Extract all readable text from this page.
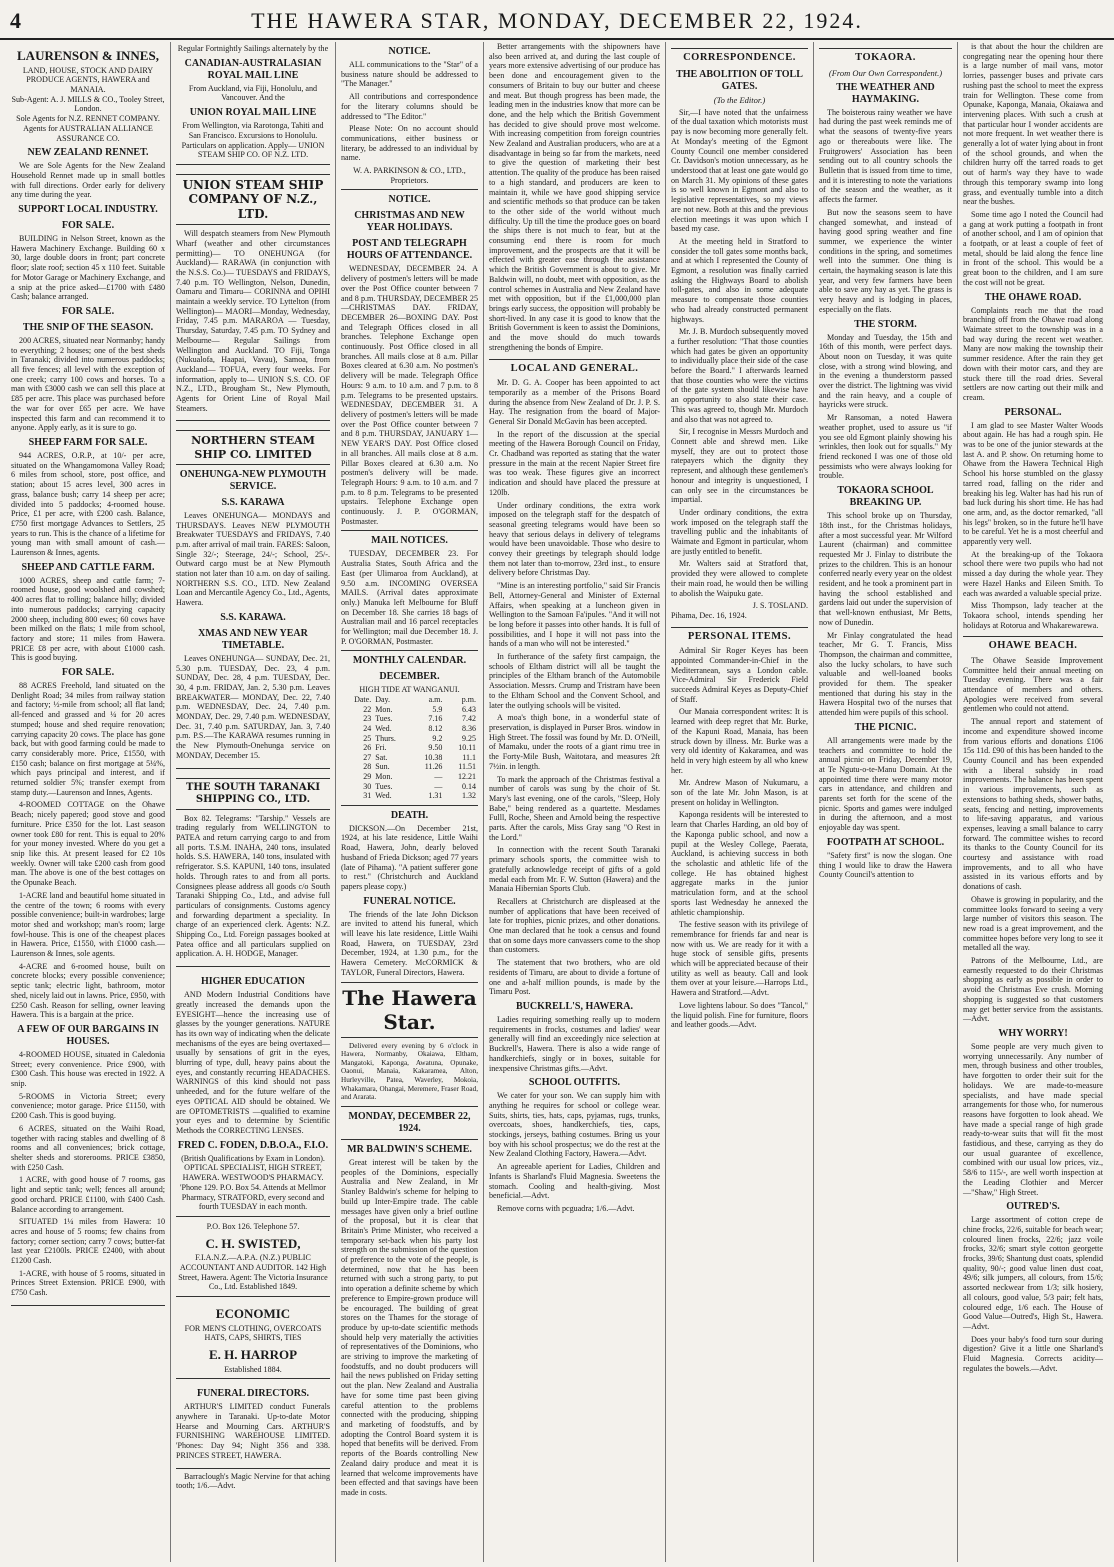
4	THE HAWERA STAR, MONDAY, DECEMBER 22, 1924.
LAURENSON & INNES,
LAND, HOUSE, STOCK AND DAIRY PRODUCE AGENTS, HAWERA and MANAIA.
Sub-Agent: A. J. MILLS & CO., Tooley Street, London.
Sole Agents for N.Z. RENNET COMPANY. Agents for AUSTRALIAN ALLIANCE ASSURANCE CO.
NEW ZEALAND RENNET.

We are Sole Agents for the New Zealand Household Rennet made up in small bottles with full directions. Order early for delivery any time during the year.

SUPPORT LOCAL INDUSTRY.
FOR SALE.

BUILDING in Nelson Street, known as the Hawera Machinery Exchange. Building 60 x 30, large double doors in front; part concrete floor; slate roof; section 45 x 110 feet. Suitable for Motor Garage or Machinery Exchange, and a snip at the price asked—£1700 with £480 Cash; balance arranged.

FOR SALE.
THE SNIP OF THE SEASON.

200 ACRES, situated near Normanby; handy to everything; 2 houses; one of the best sheds in Taranaki; divided into numerous paddocks; all five fences; all level with the exception of one creek; carry 100 cows and horses. To a man with £3000 cash we can sell this place at £85 per acre. This place was purchased before the war for over £65 per acre. We have inspected this farm and can recommend it to anyone. Apply early, as it is sure to go.

SHEEP FARM FOR SALE.

944 ACRES, O.R.P., at 10/- per acre, situated on the Whangamomona Valley Road; 6 miles from school, store, post office, and station; about 15 acres level, 300 acres in grass, balance bush; carry 14 sheep per acre; divided into 5 paddocks; 4-roomed house. Price, £1 per acre, with £200 cash. Balance, £750 first mortgage Advances to Settlers, 25 years to run. This is the chance of a lifetime for young man with small amount of cash.—Laurenson & Innes, agents.

SHEEP AND CATTLE FARM.

1000 ACRES, sheep and cattle farm; 7-roomed house, good woolshed and cowshed; 400 acres flat to rolling; balance hilly; divided into numerous paddocks; carrying capacity 2000 sheep, including 800 ewes; 60 cows have been milked on the flats; 1 mile from school, factory and store; 11 miles from Hawera. PRICE £8 per acre, with about £1000 cash. This is good buying.

FOR SALE.

88 ACRES Freehold, land situated on the Denlight Road; 34 miles from railway station and factory; ½-mile from school; all flat land; all-fenced and grassed and ¼ for 20 acres stumped; house and shed require renovation; carrying capacity 20 cows. The place has gone back, but with good farming could be made to carry considerably more. Price, £1550, with £150 cash; balance on first mortgage at 5¼%, which pays principal and interest, and if returned soldier 5%; transfer exempt from stamp duty.—Laurenson and Innes, Agents.

4-ROOMED COTTAGE on the Ohawe Beach; nicely papered; good stove and good furniture. Price £350 for the lot. Last season owner took £80 for rent. This is equal to 20% for your money invested. Where do you get a snip like this. At present leased for £2 10s weekly. Owner will take £200 cash from good man. The above is one of the best cottages on the Opunake Beach.

1-ACRE land and beautiful home situated in the centre of the town; 6 rooms with every possible convenience; built-in wardrobes; large motor shed and workshop; man's room; large fowl-house. This is one of the cheapest places in Hawera. Price, £1550, with £1000 cash.—Laurenson & Innes, sole agents.

4-ACRE and 6-roomed house, built on concrete blocks; every possible convenience; septic tank; electric light, bathroom, motor shed, nicely laid out in lawns. Price, £950, with £250 Cash. Reason for selling, owner leaving Hawera. This is a bargain at the price.

A FEW OF OUR BARGAINS IN HOUSES.

4-ROOMED HOUSE, situated in Caledonia Street; every convenience. Price £900, with £300 Cash. This house was erected in 1922. A snip.

5-ROOMS in Victoria Street; every convenience; motor garage. Price £1150, with £200 Cash. This is good buying.

6 ACRES, situated on the Waihi Road, together with racing stables and dwelling of 8 rooms and all conveniences; brick cottage, shelter sheds and storerooms. PRICE £3850, with £250 Cash.

1 ACRE, with good house of 7 rooms, gas light and septic tank; well; fences all around; good orchard. PRICE £1100, with £400 Cash. Balance according to arrangement.

SITUATED 1¼ miles from Hawera: 10 acres and house of 5 rooms; few chains from factory; corner section; carry 7 cows; butter-fat last year £2100ls. PRICE £2400, with about £1200 Cash.

1-ACRE, with house of 5 rooms, situated in Princes Street Extension. PRICE £900, with £750 Cash.

Regular Fortnightly Sailings alternately by the
CANADIAN-AUSTRALASIAN ROYAL MAIL LINE
From Auckland, via Fiji, Honolulu, and Vancouver. And the
UNION ROYAL MAIL LINE
From Wellington, via Rarotonga, Tahiti and San Francisco. Excursions to Honolulu. Particulars on application. Apply— UNION STEAM SHIP CO. OF N.Z. LTD.
UNION STEAM SHIP COMPANY OF N.Z., LTD.

Will despatch steamers from New Plymouth Wharf (weather and other circumstances permitting)— TO ONEHUNGA (for Auckland)— RARAWA (in conjunction with the N.S.S. Co.)— TUESDAYS and FRIDAYS, 7.40 p.m. TO Wellington, Nelson, Dunedin, Oamaru and Timaru— CORINNA and OPIHI maintain a weekly service. TO Lyttelton (from Wellington)— MAORI—Monday, Wednesday, Friday, 7.45 p.m. MARAROA — Tuesday, Thursday, Saturday, 7.45 p.m. TO Sydney and Melbourne— Regular Sailings from Wellington and Auckland. TO Fiji, Tonga (Nukualofa, Haapai, Vavau), Samoa, from Auckland— TOFUA, every four weeks. For information, apply to— UNION S.S. CO. OF N.Z., LTD., Brougham St., New Plymouth, Agents for Orient Line of Royal Mail Steamers.

NORTHERN STEAM SHIP CO. LIMITED
ONEHUNGA-NEW PLYMOUTH SERVICE.
S.S. KARAWA

Leaves ONEHUNGA— MONDAYS and THURSDAYS. Leaves NEW PLYMOUTH Breakwater TUESDAYS and FRIDAYS, 7.40 p.m. after arrival of mail train. FARES: Saloon, Single 32/-; Steerage, 24/-; School, 25/-. Outward cargo must be at New Plymouth station not later than 10 a.m. on day of sailing. NORTHERN S.S. CO., LTD. New Zealand Loan and Mercantile Agency Co., Ltd., Agents, Hawera.

S.S. KARAWA.
XMAS AND NEW YEAR TIMETABLE.

Leaves ONEHUNGA— SUNDAY, Dec. 21, 5.30 p.m. TUESDAY, Dec. 23, 4 p.m. SUNDAY, Dec. 28, 4 p.m. TUESDAY, Dec. 30, 4 p.m. FRIDAY, Jan. 2, 5.30 p.m. Leaves BREAKWATER— MONDAY, Dec. 22, 7.40 p.m. WEDNESDAY, Dec. 24, 7.40 p.m. MONDAY, Dec. 29, 7.40 p.m. WEDNESDAY, Dec. 31, 7.40 p.m. SATURDAY, Jan. 3, 7.40 p.m. P.S.—The KARAWA resumes running in the New Plymouth-Onehunga service on MONDAY, December 15.

THE SOUTH TARANAKI SHIPPING CO., LTD.

Box 82. Telegrams: "Tarship." Vessels are trading regularly from WELLINGTON to PATEA and return carrying cargo to and from all ports. T.S.M. INAHA, 240 tons, insulated holds. S.S. HAWERA, 140 tons, insulated with refrigerator. S.S. KAPUNI, 140 tons, insulated holds. Through rates to and from all ports. Consignees please address all goods c/o South Taranaki Shipping Co., Ltd., and advise full particulars of consignments. Customs agency and forwarding department a speciality. In charge of an experienced clerk. Agents: N.Z. Shipping Co., Ltd. Foreign passages booked at Patea office and all particulars supplied on application. A. H. HODGE, Manager.

HIGHER EDUCATION

AND Modern Industrial Conditions have greatly increased the demands upon the EYESIGHT—hence the increasing use of glasses by the younger generations. NATURE has its own way of indicating when the delicate mechanisms of the eyes are being overtaxed—usually by sensations of grit in the eyes, blurring of type, dull, heavy pains about the eyes, and constantly recurring HEADACHES. WARNINGS of this kind should not pass unheeded, and for the future welfare of the eyes OPTICAL AID should be obtained. We are OPTOMETRISTS —qualified to examine your eyes and to determine by Scientific Methods the CORRECTING LENSES.

FRED C. FODEN, D.B.O.A., F.I.O.
(British Qualifications by Exam in London). OPTICAL SPECIALIST, HIGH STREET, HAWERA. WESTWOOD'S PHARMACY. 'Phone 129. P.O. Box 54. Attends at Mellmor Pharmacy, STRATFORD, every second and fourth TUESDAY in each month.
P.O. Box 126. Telephone 57.
C. H. SWISTED,
F.I.A.N.Z.—A.P.A. (N.Z.) PUBLIC ACCOUNTANT AND AUDITOR. 142 High Street, Hawera. Agent: The Victoria Insurance Co., Ltd. Established 1849.
ECONOMIC
FOR MEN'S CLOTHING, OVERCOATS HATS, CAPS, SHIRTS, TIES
E. H. HARROP
Established 1884.
FUNERAL DIRECTORS.

ARTHUR'S LIMITED conduct Funerals anywhere in Taranaki. Up-to-date Motor Hearse and Mourning Cars. ARTHUR'S FURNISHING WAREHOUSE LIMITED. 'Phones: Day 94; Night 356 and 338. PRINCES STREET, HAWERA.

Barraclough's Magic Nervine for that aching tooth; 1/6.—Advt.

NOTICE.

ALL communications to the "Star" of a business nature should be addressed to "The Manager."

All contributions and correspondence for the literary columns should be addressed to "The Editor."

Please Note: On no account should communications, either business or literary, be addressed to an individual by name.

W. A. PARKINSON & CO., LTD., Proprietors.
NOTICE.
CHRISTMAS AND NEW YEAR HOLIDAYS.
POST AND TELEGRAPH HOURS OF ATTENDANCE.

WEDNESDAY, DECEMBER 24. A delivery of postmen's letters will be made over the Post Office counter between 7 and 8 p.m. THURSDAY, DECEMBER 25—CHRISTMAS DAY. FRIDAY, DECEMBER 26—BOXING DAY. Post and Telegraph Offices closed in all branches. Telephone Exchange open continuously. Post Office closed in all branches. All mails close at 8 a.m. Pillar Boxes cleared at 6.30 a.m. No postmen's delivery will be made. Telegraph Office Hours: 9 a.m. to 10 a.m. and 7 p.m. to 8 p.m. Telegrams to be presented upstairs. WEDNESDAY, DECEMBER 31. A delivery of postmen's letters will be made over the Post Office counter between 7 and 8 p.m. THURSDAY, JANUARY 1—NEW YEAR'S DAY. Post Office closed in all branches. All mails close at 8 a.m. Pillar Boxes cleared at 6.30 a.m. No postmen's delivery will be made. Telegraph Hours: 9 a.m. to 10 a.m. and 7 p.m. to 8 p.m. Telegrams to be presented upstairs. Telephone Exchange open continuously. J. P. O'GORMAN, Postmaster.

MAIL NOTICES.

TUESDAY, DECEMBER 23. For Australia States, South Africa and the East (per Ulimaroa from Auckland), at 9.50 a.m. INCOMING OVERSEA MAILS. (Arrival dates approximate only.) Manuka left Melbourne for Bluff on December 18. She carries 18 bags of Australian mail and 16 parcel receptacles for Wellington; mail due December 18. J. P. O'GORMAN, Postmaster.

MONTHLY CALENDAR.
DECEMBER.
HIGH TIDE AT WANGANUI.
Date.	Day.	a.m.	p.m.
22	Mon.	5.9	6.43
23	Tues.	7.16	7.42
24	Wed.	8.12	8.36
25	Thurs.	9.2	9.25
26	Fri.	9.50	10.11
27	Sat.	10.38	11.1
28	Sun.	11.26	11.51
29	Mon.	—	12.21
30	Tues.	—	0.14
31	Wed.	1.31	1.32
DEATH.

DICKSON.—On December 21st, 1924, at his late residence, Little Waihi Road, Hawera, John, dearly beloved husband of Frieda Dickson; aged 77 years (late of Pihama). "A patient sufferer gone to rest." (Christchurch and Auckland papers please copy.)

FUNERAL NOTICE.

The friends of the late John Dickson are invited to attend his funeral, which will leave his late residence, Little Waihi Road, Hawera, on TUESDAY, 23rd December, 1924, at 1.30 p.m., for the Hawera Cemetery. McCORMICK & TAYLOR, Funeral Directors, Hawera.

The Hawera Star.

Delivered every evening by 6 o'clock in Hawera, Normanby, Okaiawa, Eltham, Mangatoki, Kaponga, Awatuna, Opunake, Oaonui, Manaia, Kakaramea, Alton, Hurleyville, Patea, Waverley, Mokoia, Whakamara, Ohangai, Meremere, Fraser Road, and Ararata.

MONDAY, DECEMBER 22, 1924.
MR BALDWIN'S SCHEME.

Great interest will be taken by the peoples of the Dominions, especially Australia and New Zealand, in Mr Stanley Baldwin's scheme for helping to build up Inter-Empire trade. The cable messages have given only a brief outline of the proposal, but it is clear that Britain's Prime Minister, who received a temporary set-back when his party lost strength on the submission of the question of preference to the vote of the people, is determined, now that he has been returned with such a strong party, to put into operation a definite scheme by which preference to Empire-grown produce will be encouraged. The building of great stores on the Thames for the storage of produce by up-to-date scientific methods should help very materially the activities of representatives of the Dominions, who are striving to improve the marketing of foodstuffs, and no doubt producers will hail the news published on Friday setting out the plan. New Zealand and Australia have for some time past been giving careful attention to the problems connected with the producing, shipping and marketing of foodstuffs, and by adopting the Control Board system it is hoped that benefits will be derived. From reports of the Boards controlling New Zealand dairy produce and meat it is learned that welcome improvements have been effected and that savings have been made in costs.

Better arrangements with the shipowners have also been arrived at, and during the last couple of years more extensive advertising of our produce has been done and encouragement given to the consumers of Britain to buy our butter and cheese and meat. But though progress has been made, the leading men in the industries know that more can be done, and the help which the British Government has decided to give should prove most welcome. With increasing competition from foreign countries New Zealand and Australian producers, who are at a disadvantage in being so far from the markets, need to give the question of marketing their best attention. The quality of the produce has been raised to a high standard, and producers are keen to maintain it, while we have good shipping service and scientific methods so that produce can be taken to the other side of the world without much difficulty. Up till the time the produce goes on board the ships there is not much to fear, but at the consuming end there is room for much improvement, and the prospects are that it will be effected with greater ease through the assistance which the British Government is about to give. Mr Baldwin will, no doubt, meet with opposition, as the control schemes in Australia and New Zealand have met with opposition, but if the £1,000,000 plan brings early success, the opposition will probably be short-lived. In any case it is good to know that the British Government is keen to assist the Dominions, and the move should do much towards strengthening the bonds of Empire.

LOCAL AND GENERAL.

Mr. D. G. A. Cooper has been appointed to act temporarily as a member of the Prisons Board during the absence from New Zealand of Dr. J. P. S. Hay. The resignation from the board of Major-General Sir Donald McGavin has been accepted.

In the report of the discussion at the special meeting of the Hawera Borough Council on Friday, Cr. Chadband was reported as stating that the water pressure in the main at the recent Napier Street fire was too weak. These figures give an incorrect indication and should have placed the pressure at 120lb.

Under ordinary conditions, the extra work imposed on the telegraph staff for the despatch of seasonal greeting telegrams would have been so heavy that serious delays in delivery of telegrams would have been unavoidable. Those who desire to convey their greetings by telegraph should lodge them not later than to-morrow, 23rd inst., to ensure delivery before Christmas Day.

"Mine is an interesting portfolio," said Sir Francis Bell, Attorney-General and Minister of External Affairs, when speaking at a luncheon given in Wellington to the Samoan Fa'ipules. "And it will not be long before it passes into other hands. It is full of possibilities, and I hope it will not pass into the hands of a man who will not be interested."

In furtherance of the safety first campaign, the schools of Eltham district will all be taught the principles of the Eltham branch of the Automobile Association. Messrs. Crump and Tristram have been to the Eltham School and the Convent School, and later the outlying schools will be visited.

A moa's thigh bone, in a wonderful state of preservation, is displayed in Purser Bros. window in High Street. The fossil was found by Mr. D. O'Neill, of Mamaku, under the roots of a giant rimu tree in the Forty-Mile Bush, Waitotara, and measures 2ft 7½in. in length.

To mark the approach of the Christmas festival a number of carols was sung by the choir of St. Mary's last evening, one of the carols, "Sleep, Holy Babe," being rendered as a quartette. Mesdames Fulll, Roche, Sheen and Arnold being the respective parts. After the carols, Miss Gray sang "O Rest in the Lord."

In connection with the recent South Taranaki primary schools sports, the committee wish to gratefully acknowledge receipt of gifts of a gold medal each from Mr. F. W. Sutton (Hawera) and the Manaia Hibernian Sports Club.

Recallers at Christchurch are displeased at the number of applications that have been received of late for trophies, picnic prizes, and other donations. One man declared that he took a census and found that on some days more canvassers come to the shop than customers.

The statement that two brothers, who are old residents of Timaru, are about to divide a fortune of one and a-half million pounds, is made by the Timaru Post.

BUCKRELL'S, HAWERA.

Ladies requiring something really up to modern requirements in frocks, costumes and ladies' wear generally will find an exceedingly nice selection at Buckrell's, Hawera. There is also a wide range of handkerchiefs, singly or in boxes, suitable for inexpensive Christmas gifts.—Advt.

SCHOOL OUTFITS.

We cater for your son. We can supply him with anything he requires for school or college wear. Suits, shirts, ties, hats, caps, pyjamas, rugs, trunks, overcoats, shoes, handkerchiefs, ties, caps, stockings, jerseys, bathing costumes. Bring us your boy with his school prospectus; we do the rest at the New Zealand Clothing Factory, Hawera.—Advt.

An agreeable aperient for Ladies, Children and Infants is Sharland's Fluid Magnesia. Sweetens the stomach. Cooling and health-giving. Most beneficial.—Advt.

Remove corns with pcguadra; 1/6.—Advt.

CORRESPONDENCE.
THE ABOLITION OF TOLL GATES.
(To the Editor.)

Sir,—I have noted that the unfairness of the dual taxation which motorists must pay is now becoming more generally felt. At Monday's meeting of the Egmont County Council one member considered Cr. Davidson's motion unnecessary, as he understood that at least one gate would go on March 31. My opinions of these gates is so well known in Egmont and also to legislative representatives, so my views are not new. Both at this and the previous election meetings it was upon which I based my case.

At the meeting held in Stratford to consider the toll gates some months back, and at which I represented the County of Egmont, a resolution was finally carried asking the Highways Board to abolish toll-gates, and also in some adequate measure to compensate those counties who had already constructed permanent highways.

Mr. J. B. Murdoch subsequently moved a further resolution: "That those counties which had gates be given an opportunity to individually place their side of the case before the Board." I afterwards learned that those counties who were the victims of the gate system should likewise have an opportunity to also state their case. This was agreed to, though Mr. Murdoch and also that was not agreed to.

Sir, I recognise in Messrs Murdoch and Connett able and shrewd men. Like myself, they are out to protect those ratepayers which the dignity they represent, and although these gentlemen's honour and integrity is unquestioned, I can only see in the circumstances be impartial.

Under ordinary conditions, the extra work imposed on the telegraph staff the travelling public and the inhabitants of Waimate and Egmont in particular, whom are justly entitled to benefit.

Mr. Walters said at Stratford that, provided they were allowed to complete their main road, he would then be willing to abolish the Waipuku gate.

J. S. TOSLAND.
Pihama, Dec. 16, 1924.
PERSONAL ITEMS.

Admiral Sir Roger Keyes has been appointed Commander-in-Chief in the Mediterranean, says a London cable. Vice-Admiral Sir Frederick Field succeeds Admiral Keyes as Deputy-Chief of Staff.

Our Manaia correspondent writes: It is learned with deep regret that Mr. Burke, of the Kapuni Road, Manaia, has been struck down by illness. Mr. Burke was a very old identity of Kakaramea, and was held in very high esteem by all who knew her.

Mr. Andrew Mason of Nukumaru, a son of the late Mr. John Mason, is at present on holiday in Wellington.

Kaponga residents will be interested to learn that Charles Harding, an old boy of the Kaponga public school, and now a pupil at the Wesley College, Paerata, Auckland, is achieving success in both the scholastic and athletic life of the college. He has obtained highest aggregate marks in the junior matriculation form, and at the school sports last Wednesday he annexed the athletic championship.

The festive season with its privilege of remembrance for friends far and near is now with us. We are ready for it with a huge stock of sensible gifts, presents which will be appreciated because of their utility as well as beauty. Call and look them over at your leisure.—Harrops Ltd., Hawera and Stratford.—Advt.

Love lightens labour. So does "Tancol," the liquid polish. Fine for furniture, floors and leather goods.—Advt.

TOKAORA.
(From Our Own Correspondent.)
THE WEATHER AND HAYMAKING.

The boisterous rainy weather we have had during the past week reminds me of what the seasons of twenty-five years ago or thereabouts were like. The Fruitgrowers' Association has been sending out to all country schools the Bulletin that is issued from time to time, and it is interesting to note the variations of the season and the weather, as it affects the farmer.

But now the seasons seem to have changed somewhat, and instead of having good spring weather and fine summer, we experience the winter conditions in the spring, and sometimes well into the summer. One thing is certain, the haymaking season is late this year, and very few farmers have been able to save any hay as yet. The grass is very heavy and is lodging in places, especially on the flats.

THE STORM.

Monday and Tuesday, the 15th and 16th of this month, were perfect days. About noon on Tuesday, it was quite close, with a strong wind blowing, and in the evening a thunderstorm passed over the district. The lightning was vivid and the rain heavy, and a couple of hayricks were struck.

Mr Ransoman, a noted Hawera weather prophet, used to assure us "if you see old Egmont plainly showing his wrinkles, then look out for squalls." My friend reckoned I was one of those old pessimists who were always looking for trouble.

TOKAORA SCHOOL BREAKING UP.

This school broke up on Thursday, 18th inst., for the Christmas holidays, after a most successful year. Mr Wilford Laurent (chairman) and committee requested Mr J. Finlay to distribute the prizes to the children. This is an honour conferred nearly every year on the oldest resident, and he took a prominent part in having the school established and gardens laid out under the supervision of that well-known enthusiast, Mr Betts, now of Dunedin.

Mr Finlay congratulated the head teacher, Mr G. T. Francis, Miss Thompson, the chairman and committee, also the lucky scholars, to have such valuable and well-loaned books provided for them. The speaker mentioned that during his stay in the Hawera Hospital two of the nurses that attended him were pupils of this school.

THE PICNIC.

All arrangements were made by the teachers and committee to hold the annual picnic on Friday, December 19, at Te Ngutu-o-te-Manu Domain. At the appointed time there were many motor cars in attendance, and children and parents set forth for the scene of the picnic. Sports and games were indulged in during the afternoon, and a most enjoyable day was spent.

FOOTPATH AT SCHOOL.

"Safety first" is now the slogan. One thing I would like to draw the Hawera County Council's attention to

is that about the hour the children are congregating near the opening hour there is a large number of mail vans, motor lorries, passenger buses and private cars rushing past the school to meet the express train for Wellington. These come from Opunake, Kaponga, Manaia, Okaiawa and intervening places. With such a crush at that particular hour I wonder accidents are not more frequent. In wet weather there is generally a lot of water lying about in front of the school grounds, and when the children hurry off the tarred roads to get out of harm's way they have to wade through this temporary swamp into long grass, and eventually tumble into a ditch near the bushes.

Some time ago I noted the Council had a gang at work putting a footpath in front of another school, and I am of opinion that a footpath, or at least a couple of feet of metal, should be laid along the fence line in front of the school. This would be a great boon to the children, and I am sure the cost will not be great.

THE OHAWE ROAD.

Complaints reach me that the road branching off from the Ohawe road along Waimate street to the township was in a bad way during the recent wet weather. Many are now making the township their summer residence. After the rain they get down with their motor cars, and they are stuck there till the road dries. Several settlers are now carting out their milk and cream.

PERSONAL.

I am glad to see Master Walter Woods about again. He has had a rough spin. He was to be one of the junior stewards at the last A. and P. show. On returning home to Ohawe from the Hawera Technical High School his horse stumbled on the glassy tarred road, falling on the rider and breaking his leg. Walter has had his run of bad luck during his short time. He has had one arm, and, as the doctor remarked, "all his legs" broken, so in the future he'll have to be careful. Yet he is a most cheerful and apparently very well.

At the breaking-up of the Tokaora school there were two pupils who had not missed a day during the whole year. They were Hazel Hanks and Eileen Smith. To each was awarded a valuable special prize.

Miss Thompson, lady teacher at the Tokaora school, intends spending her holidays at Rotorua and Whakarewarewa.

OHAWE BEACH.

The Ohawe Seaside Improvement Committee held their annual meeting on Tuesday evening. There was a fair attendance of members and others. Apologies were received from several gentlemen who could not attend.

The annual report and statement of income and expenditure showed income from various efforts and donations £106 15s 11d. £90 of this has been handed to the County Council and has been expended with a liberal subsidy in road improvements. The balance has been spent in various improvements, such as extensions to bathing sheds, shower baths, seats, fencing and netting, improvements to life-saving apparatus, and various expenses, leaving a small balance to carry forward. The committee wishes to record its thanks to the County Council for its courtesy and assistance with road improvements, and to all who have assisted in its various efforts and by donations of cash.

Ohawe is growing in popularity, and the committee looks forward to seeing a very large number of visitors this season. The new road is a great improvement, and the committee hopes before very long to see it metalled all the way.

Patrons of the Melbourne, Ltd., are earnestly requested to do their Christmas shopping as early as possible in order to avoid the Christmas Eve crush. Morning shopping is suggested so that customers may get better service from the assistants.—Advt.

WHY WORRY!

Some people are very much given to worrying unnecessarily. Any number of men, through business and other troubles, have forgotten to order their suit for the holidays. We are made-to-measure specialists, and have made special arrangements for those who, for numerous reasons have forgotten to look ahead. We have made a special range of high grade ready-to-wear suits that will fit the most fastidious, and these, carrying as they do our usual guarantee of excellence, combined with our usual low prices, viz., 58/6 to 115/-, are well worth inspection at the Leading Clothier and Mercer—"Shaw," High Street.

OUTRED'S.

Large assortment of cotton crepe de chine frocks, 22/6, suitable for beach wear; coloured linen frocks, 22/6; jazz voile frocks, 32/6; smart style cotton georgette frocks, 39/6; Shantung dust coats, splendid quality, 90/-; good value linen dust coat, 49/6; silk jumpers, all colours, from 15/6; assorted neckwear from 1/3; silk hosiery, all colours, good value, 5/3 pair; felt hats, coloured edge, 1/6 each. The House of Good Value—Outred's, High St., Hawera.—Advt.

Does your baby's food turn sour during digestion? Give it a little one Sharland's Fluid Magnesia. Corrects acidity—regulates the bowels.—Advt.
